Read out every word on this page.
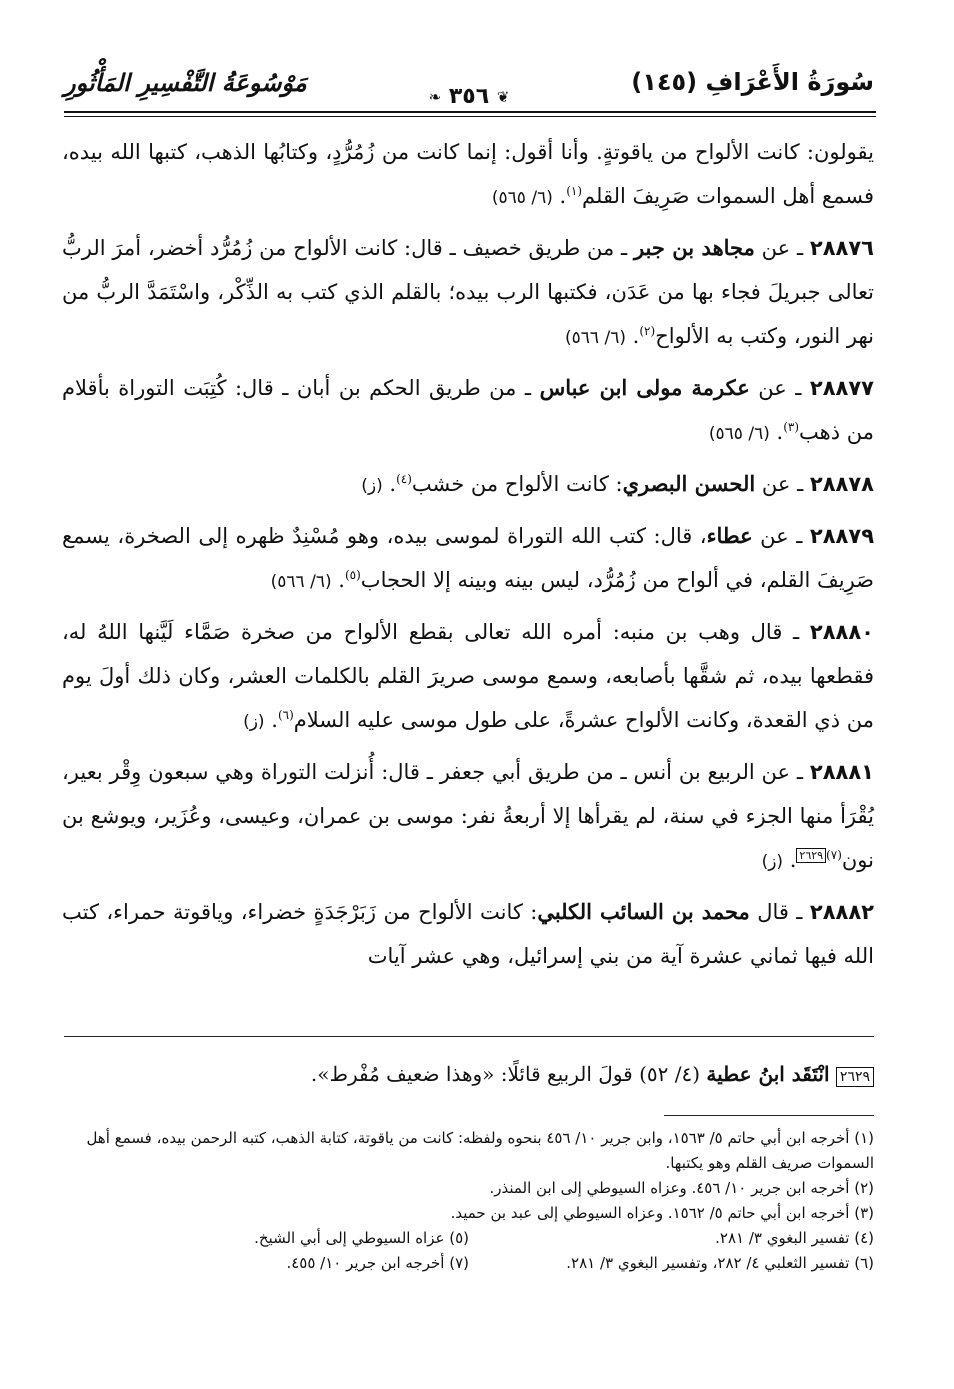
سُورَةُ الأَعْرَافِ (١٤٥)
❦ ٣٥٦ ❧
مَوْسُوعَةُ التَّفْسِيرِ المَأْثُورِ

يقولون: كانت الألواح من ياقوتةٍ. وأنا أقول: إنما كانت من زُمُرُّدٍ، وكتابُها الذهب، كتبها الله بيده، فسمع أهل السموات صَرِيفَ القلم$^{(١)}$. (٦/ ٥٦٥)

٢٨٨٧٦ ـ عن مجاهد بن جبر ـ من طريق خصيف ـ قال: كانت الألواح من زُمُرُّد أخضر، أمرَ الربُّ تعالى جبريلَ فجاء بها من عَدَن، فكتبها الرب بيده؛ بالقلم الذي كتب به الذِّكْر، واسْتَمَدَّ الربُّ من نهر النور، وكتب به الألواح$^{(٢)}$. (٦/ ٥٦٦)

٢٨٨٧٧ ـ عن عكرمة مولى ابن عباس ـ من طريق الحكم بن أبان ـ قال: كُتِبَت التوراة بأقلام من ذهب$^{(٣)}$. (٦/ ٥٦٥)

٢٨٨٧٨ ـ عن الحسن البصري: كانت الألواح من خشب$^{(٤)}$. (ز)

٢٨٨٧٩ ـ عن عطاء، قال: كتب الله التوراة لموسى بيده، وهو مُسْنِدٌ ظهره إلى الصخرة، يسمع صَرِيفَ القلم، في ألواح من زُمُرُّد، ليس بينه وبينه إلا الحجاب$^{(٥)}$. (٦/ ٥٦٦)

٢٨٨٨٠ ـ قال وهب بن منبه: أمره الله تعالى بقطع الألواح من صخرة صَمَّاء لَيَّنها اللهُ له، فقطعها بيده، ثم شقَّها بأصابعه، وسمع موسى صريرَ القلم بالكلمات العشر، وكان ذلك أولَ يوم من ذي القعدة، وكانت الألواح عشرةً، على طول موسى عليه السلام$^{(٦)}$. (ز)

٢٨٨٨١ ـ عن الربيع بن أنس ـ من طريق أبي جعفر ـ قال: أُنزلت التوراة وهي سبعون وِقْر بعير، يُقْرَأ منها الجزء في سنة، لم يقرأها إلا أربعةُ نفر: موسى بن عمران، وعيسى، وعُزَير، ويوشع بن نون$^{(٧)}$٢٦٢٩. (ز)

٢٨٨٨٢ ـ قال محمد بن السائب الكلبي: كانت الألواح من زَبَرْجَدَةٍ خضراء، وياقوتة حمراء، كتب الله فيها ثماني عشرة آية من بني إسرائيل، وهي عشر آيات

٢٦٢٩ انْتَقَد ابنُ عطية (٤/ ٥٢) قولَ الربيع قائلًا: «وهذا ضعيف مُفْرط».

(١) أخرجه ابن أبي حاتم ٥/ ١٥٦٣، وابن جرير ١٠/ ٤٥٦ بنحوه ولفظه: كانت من ياقوتة، كتابة الذهب، كتبه الرحمن بيده، فسمع أهل السموات صريف القلم وهو يكتبها.

(٢) أخرجه ابن جرير ١٠/ ٤٥٦. وعزاه السيوطي إلى ابن المنذر.

(٣) أخرجه ابن أبي حاتم ٥/ ١٥٦٢. وعزاه السيوطي إلى عبد بن حميد.

(٤) تفسير البغوي ٣/ ٢٨١.

(٥) عزاه السيوطي إلى أبي الشيخ.

(٦) تفسير الثعلبي ٤/ ٢٨٢، وتفسير البغوي ٣/ ٢٨١.

(٧) أخرجه ابن جرير ١٠/ ٤٥٥.
